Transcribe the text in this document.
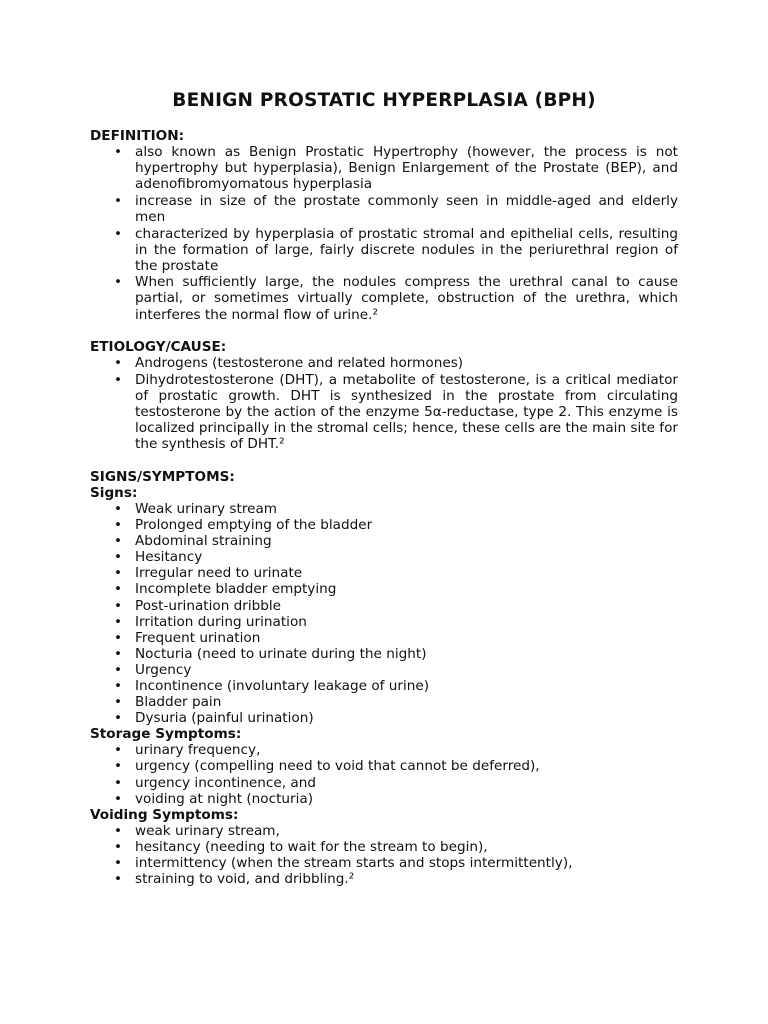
BENIGN PROSTATIC HYPERPLASIA (BPH)
DEFINITION:
• also known as Benign Prostatic Hypertrophy (however, the process is not hypertrophy but hyperplasia), Benign Enlargement of the Prostate (BEP), and adenofibromyomatous hyperplasia
• increase in size of the prostate commonly seen in middle-aged and elderly men
• characterized by hyperplasia of prostatic stromal and epithelial cells, resulting in the formation of large, fairly discrete nodules in the periurethral region of the prostate
• When sufficiently large, the nodules compress the urethral canal to cause partial, or sometimes virtually complete, obstruction of the urethra, which interferes the normal flow of urine.²
ETIOLOGY/CAUSE:
• Androgens (testosterone and related hormones)
• Dihydrotestosterone (DHT), a metabolite of testosterone, is a critical mediator of prostatic growth. DHT is synthesized in the prostate from circulating testosterone by the action of the enzyme 5α-reductase, type 2. This enzyme is localized principally in the stromal cells; hence, these cells are the main site for the synthesis of DHT.²
SIGNS/SYMPTOMS:
Signs:
• Weak urinary stream
• Prolonged emptying of the bladder
• Abdominal straining
• Hesitancy
• Irregular need to urinate
• Incomplete bladder emptying
• Post-urination dribble
• Irritation during urination
• Frequent urination
• Nocturia (need to urinate during the night)
• Urgency
• Incontinence (involuntary leakage of urine)
• Bladder pain
• Dysuria (painful urination)
Storage Symptoms:
• urinary frequency,
• urgency (compelling need to void that cannot be deferred),
• urgency incontinence, and
• voiding at night (nocturia)
Voiding Symptoms:
• weak urinary stream,
• hesitancy (needing to wait for the stream to begin),
• intermittency (when the stream starts and stops intermittently),
• straining to void, and dribbling.²
